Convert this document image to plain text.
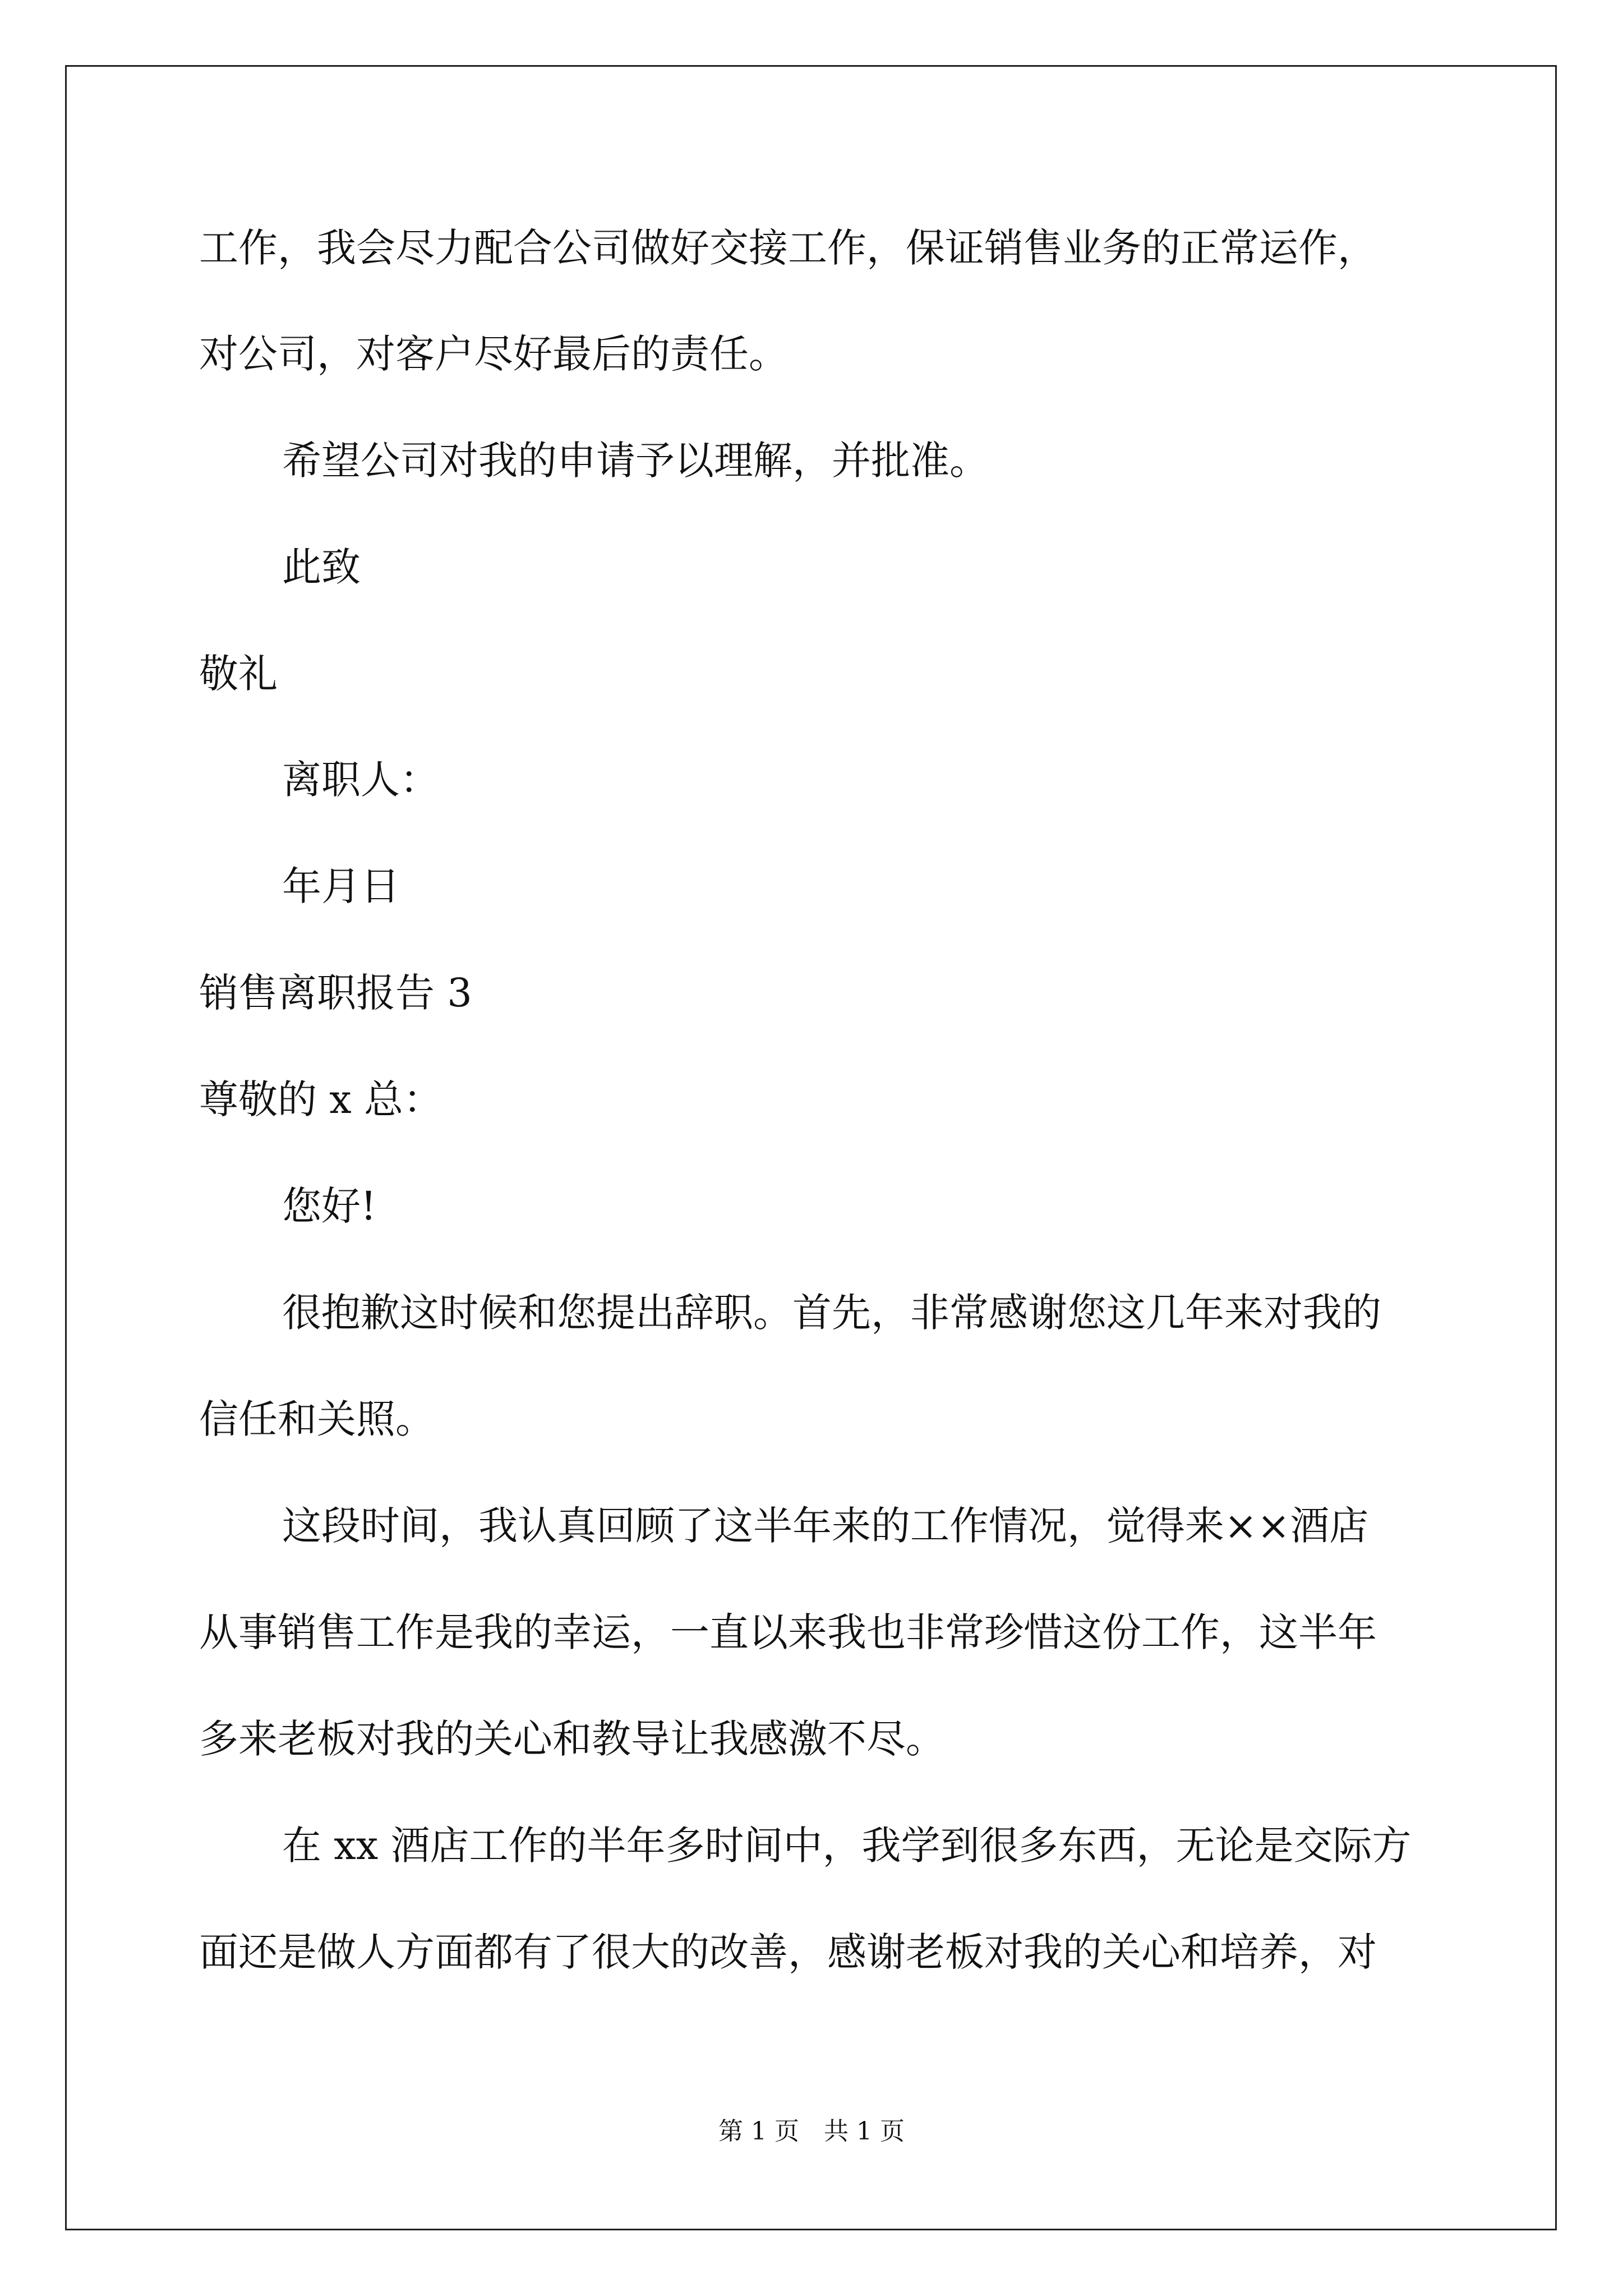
工作，我会尽力配合公司做好交接工作，保证销售业务的正常运作，

对公司，对客户尽好最后的责任。

希望公司对我的申请予以理解，并批准。

此致

敬礼

离职人：

年月日

销售离职报告 3

尊敬的 x 总：

您好!

很抱歉这时候和您提出辞职。首先，非常感谢您这几年来对我的

信任和关照。

这段时间，我认真回顾了这半年来的工作情况，觉得来××酒店

从事销售工作是我的幸运，一直以来我也非常珍惜这份工作，这半年

多来老板对我的关心和教导让我感激不尽。

在 xx 酒店工作的半年多时间中，我学到很多东西，无论是交际方

面还是做人方面都有了很大的改善，感谢老板对我的关心和培养，对

第 1 页　共 1 页
